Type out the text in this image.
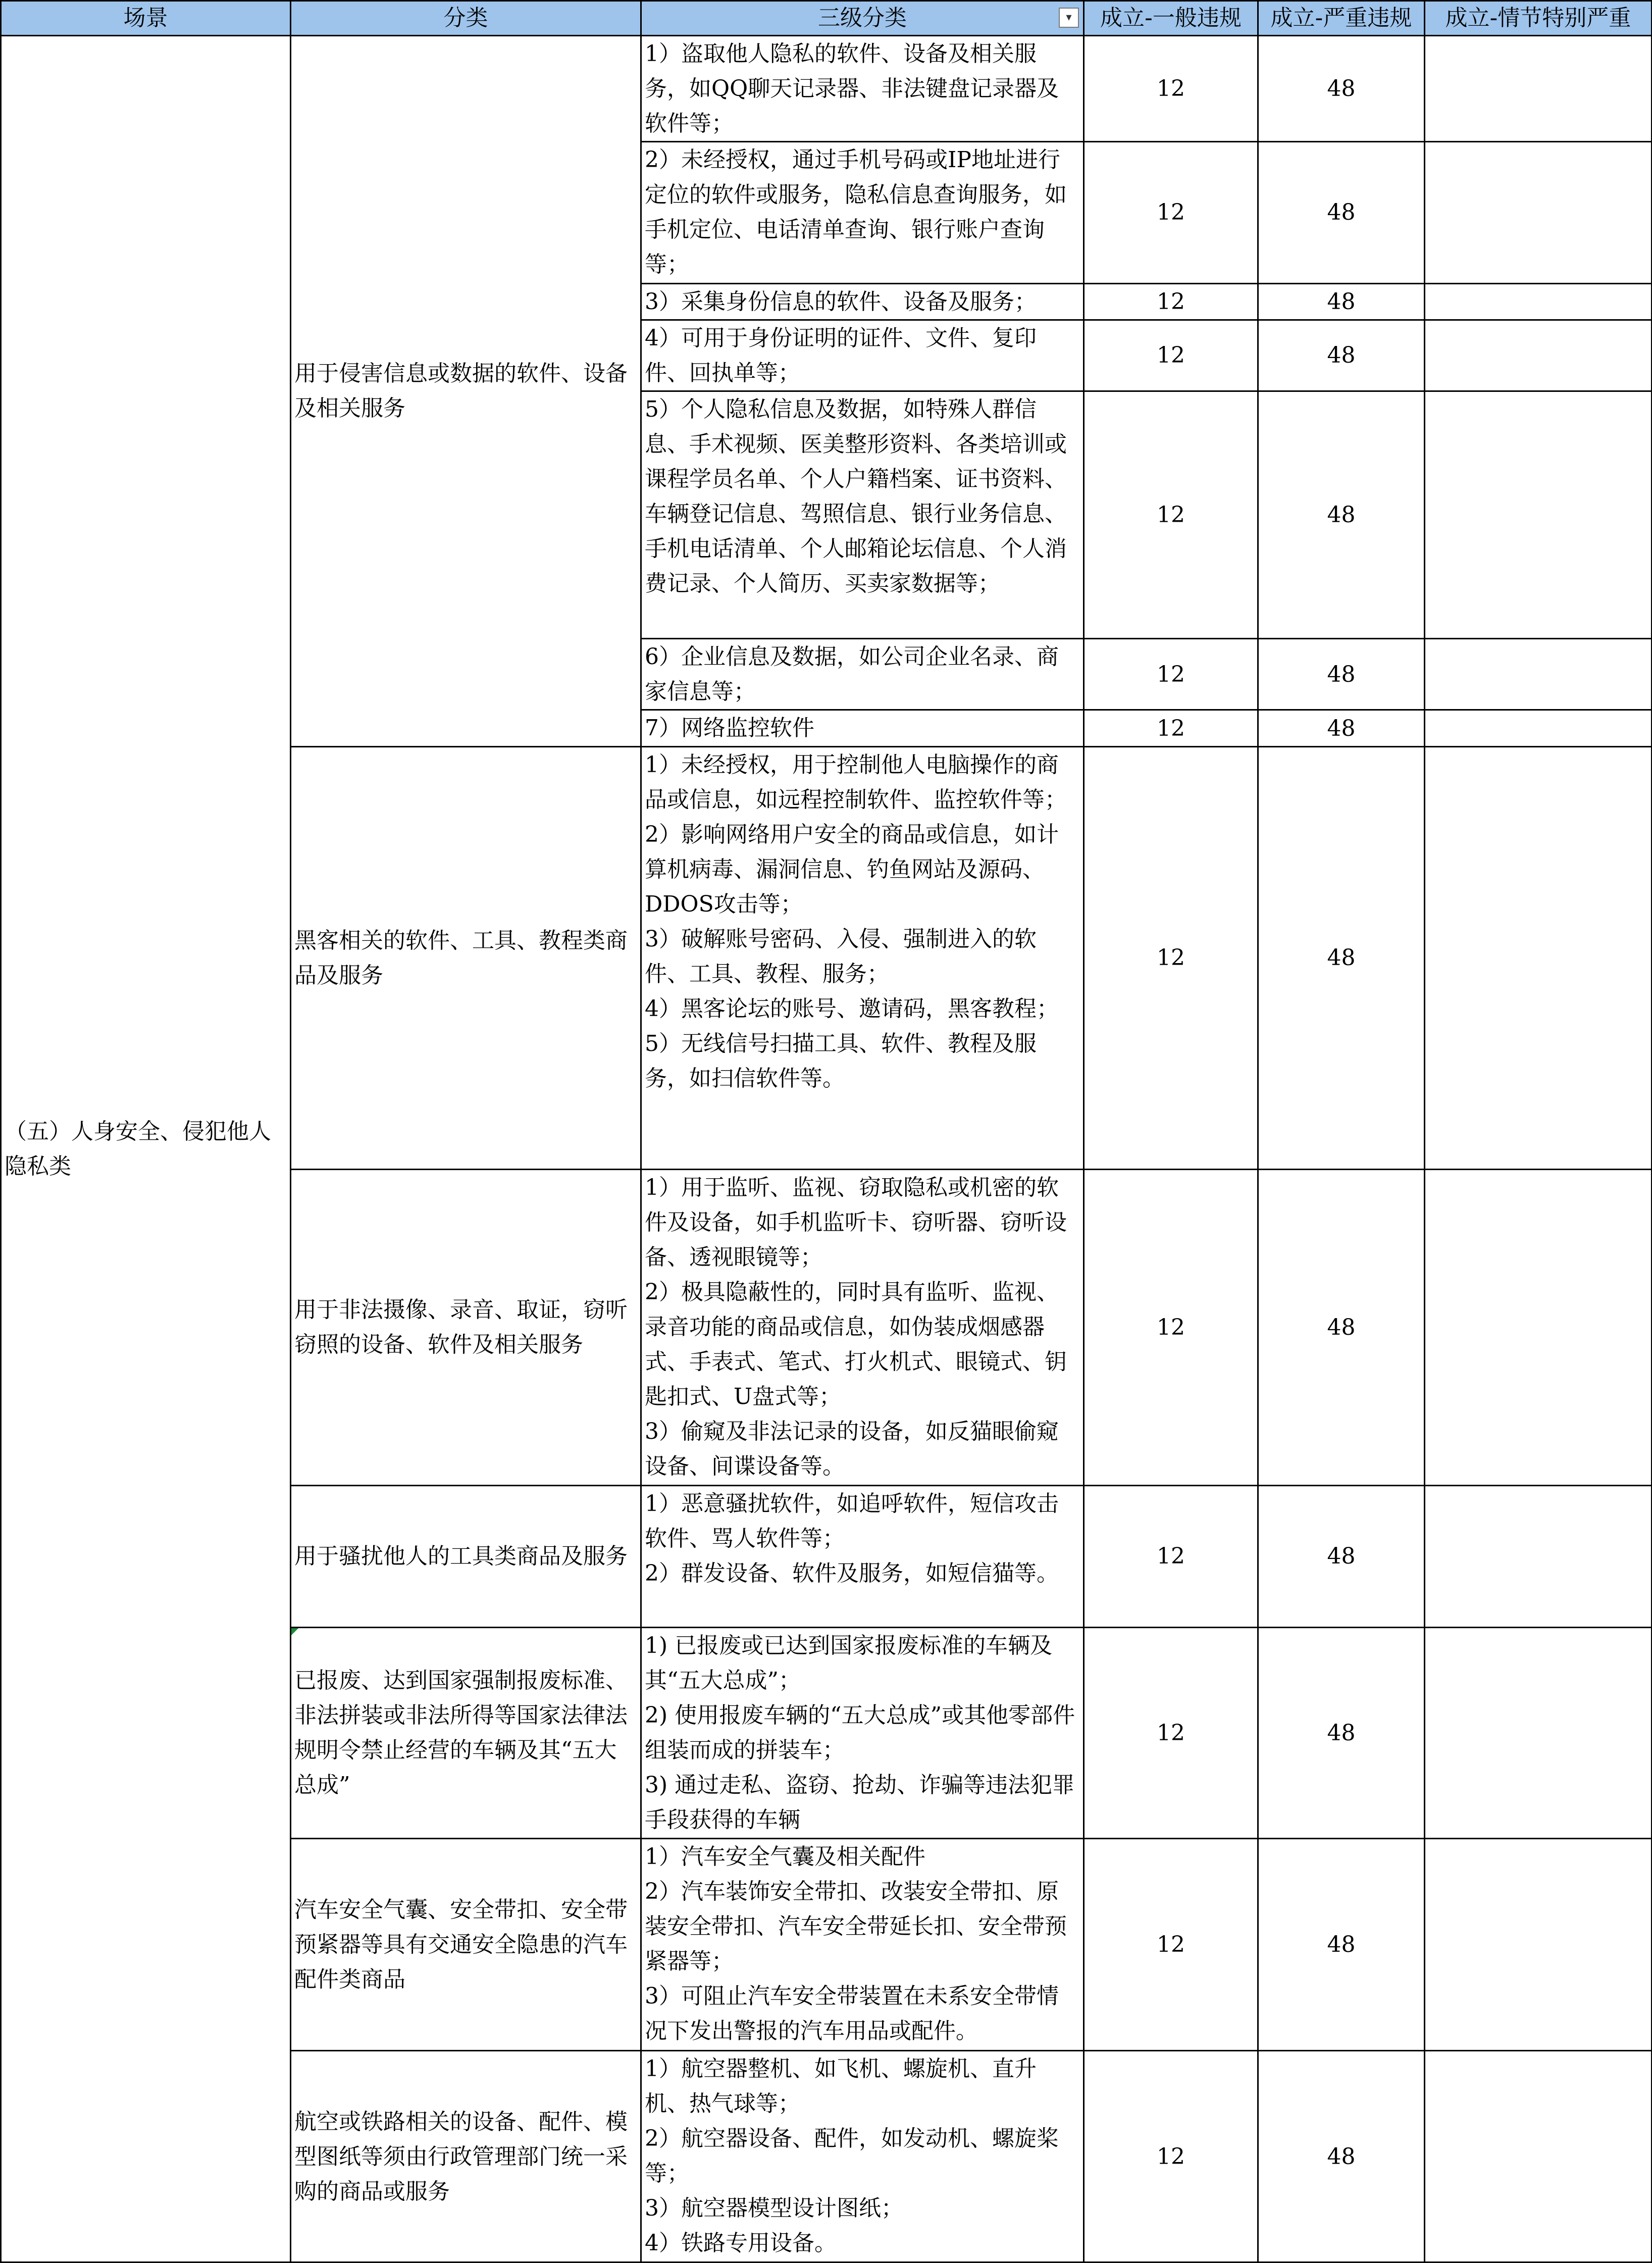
场景	分类	三级分类 ▾	成立-一般违规	成立-严重违规	成立-情节特别严重
（五）人身安全、侵犯他人隐私类	用于侵害信息或数据的软件、设备及相关服务	1）盗取他人隐私的软件、设备及相关服务，如QQ聊天记录器、非法键盘记录器及软件等；	12	48	
		2）未经授权，通过手机号码或IP地址进行定位的软件或服务，隐私信息查询服务，如手机定位、电话清单查询、银行账户查询等；	12	48	
		3）采集身份信息的软件、设备及服务；	12	48	
		4）可用于身份证明的证件、文件、复印件、回执单等；	12	48	
		5）个人隐私信息及数据，如特殊人群信息、手术视频、医美整形资料、各类培训或课程学员名单、个人户籍档案、证书资料、车辆登记信息、驾照信息、银行业务信息、手机电话清单、个人邮箱论坛信息、个人消费记录、个人简历、买卖家数据等；	12	48	
		6）企业信息及数据，如公司企业名录、商家信息等；	12	48	
		7）网络监控软件	12	48	
	黑客相关的软件、工具、教程类商品及服务	1）未经授权，用于控制他人电脑操作的商品或信息，如远程控制软件、监控软件等；
2）影响网络用户安全的商品或信息，如计算机病毒、漏洞信息、钓鱼网站及源码、DDOS攻击等；
3）破解账号密码、入侵、强制进入的软件、工具、教程、服务；
4）黑客论坛的账号、邀请码，黑客教程；
5）无线信号扫描工具、软件、教程及服务，如扫信软件等。	12	48	
	用于非法摄像、录音、取证，窃听窃照的设备、软件及相关服务	1）用于监听、监视、窃取隐私或机密的软件及设备，如手机监听卡、窃听器、窃听设备、透视眼镜等；
2）极具隐蔽性的，同时具有监听、监视、录音功能的商品或信息，如伪装成烟感器式、手表式、笔式、打火机式、眼镜式、钥匙扣式、U盘式等；
3）偷窥及非法记录的设备，如反猫眼偷窥设备、间谍设备等。	12	48	
	用于骚扰他人的工具类商品及服务	1）恶意骚扰软件，如追呼软件，短信攻击软件、骂人软件等；
2）群发设备、软件及服务，如短信猫等。	12	48	

已报废、达到国家强制报废标准、非法拼装或非法所得等国家法律法规明令禁止经营的车辆及其“五大总成”	1) 已报废或已达到国家报废标准的车辆及其“五大总成”；
2) 使用报废车辆的“五大总成”或其他零部件组装而成的拼装车；
3) 通过走私、盗窃、抢劫、诈骗等违法犯罪手段获得的车辆	12	48	
	汽车安全气囊、安全带扣、安全带预紧器等具有交通安全隐患的汽车配件类商品	1）汽车安全气囊及相关配件
2）汽车装饰安全带扣、改装安全带扣、原装安全带扣、汽车安全带延长扣、安全带预紧器等；
3）可阻止汽车安全带装置在未系安全带情况下发出警报的汽车用品或配件。	12	48	
	航空或铁路相关的设备、配件、模型图纸等须由行政管理部门统一采购的商品或服务	1）航空器整机、如飞机、螺旋机、直升机、热气球等；
2）航空器设备、配件，如发动机、螺旋桨等；
3）航空器模型设计图纸；
4）铁路专用设备。	12	48	
